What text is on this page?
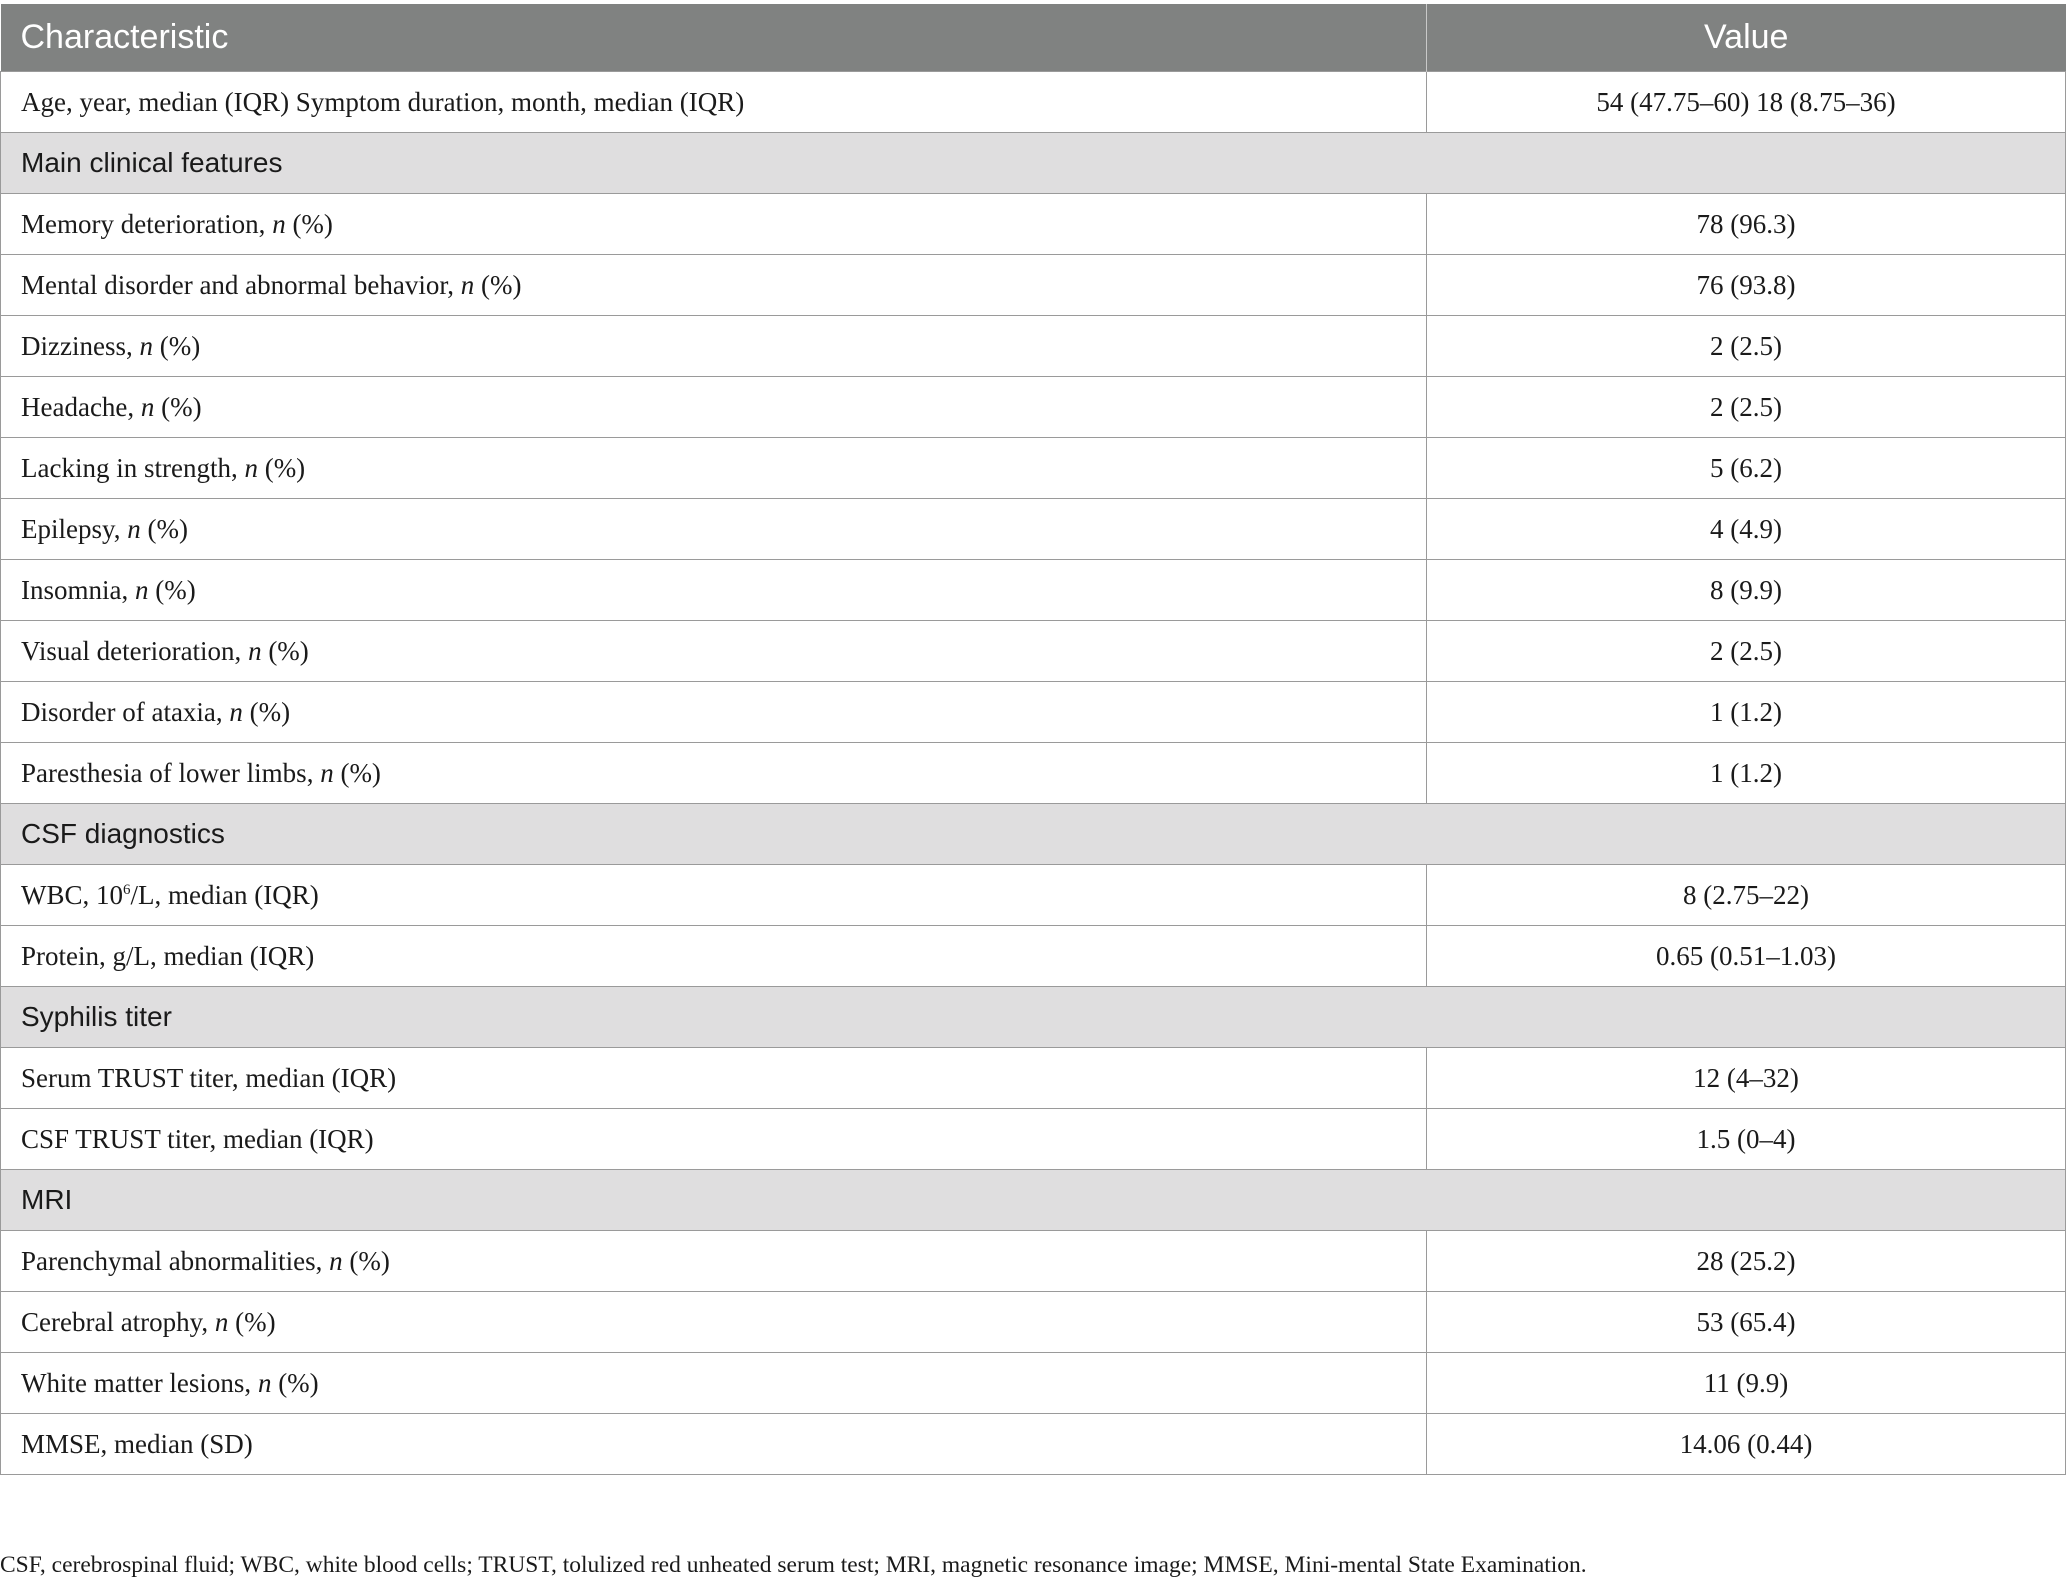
Characteristic	Value
Age, year, median (IQR) Symptom duration, month, median (IQR)	54 (47.75–60) 18 (8.75–36)
Main clinical features	
Memory deterioration, n (%)	78 (96.3)
Mental disorder and abnormal behavior, n (%)	76 (93.8)
Dizziness, n (%)	2 (2.5)
Headache, n (%)	2 (2.5)
Lacking in strength, n (%)	5 (6.2)
Epilepsy, n (%)	4 (4.9)
Insomnia, n (%)	8 (9.9)
Visual deterioration, n (%)	2 (2.5)
Disorder of ataxia, n (%)	1 (1.2)
Paresthesia of lower limbs, n (%)	1 (1.2)
CSF diagnostics	
WBC, $10^6/L$, median (IQR)	8 (2.75–22)
Protein, g/L, median (IQR)	0.65 (0.51–1.03)
Syphilis titer	
Serum TRUST titer, median (IQR)	12 (4–32)
CSF TRUST titer, median (IQR)	1.5 (0–4)
MRI	
Parenchymal abnormalities, n (%)	28 (25.2)
Cerebral atrophy, n (%)	53 (65.4)
White matter lesions, n (%)	11 (9.9)
MMSE, median (SD)	14.06 (0.44)

CSF, cerebrospinal fluid; WBC, white blood cells; TRUST, tolulized red unheated serum test; MRI, magnetic resonance image; MMSE, Mini-mental State Examination.
